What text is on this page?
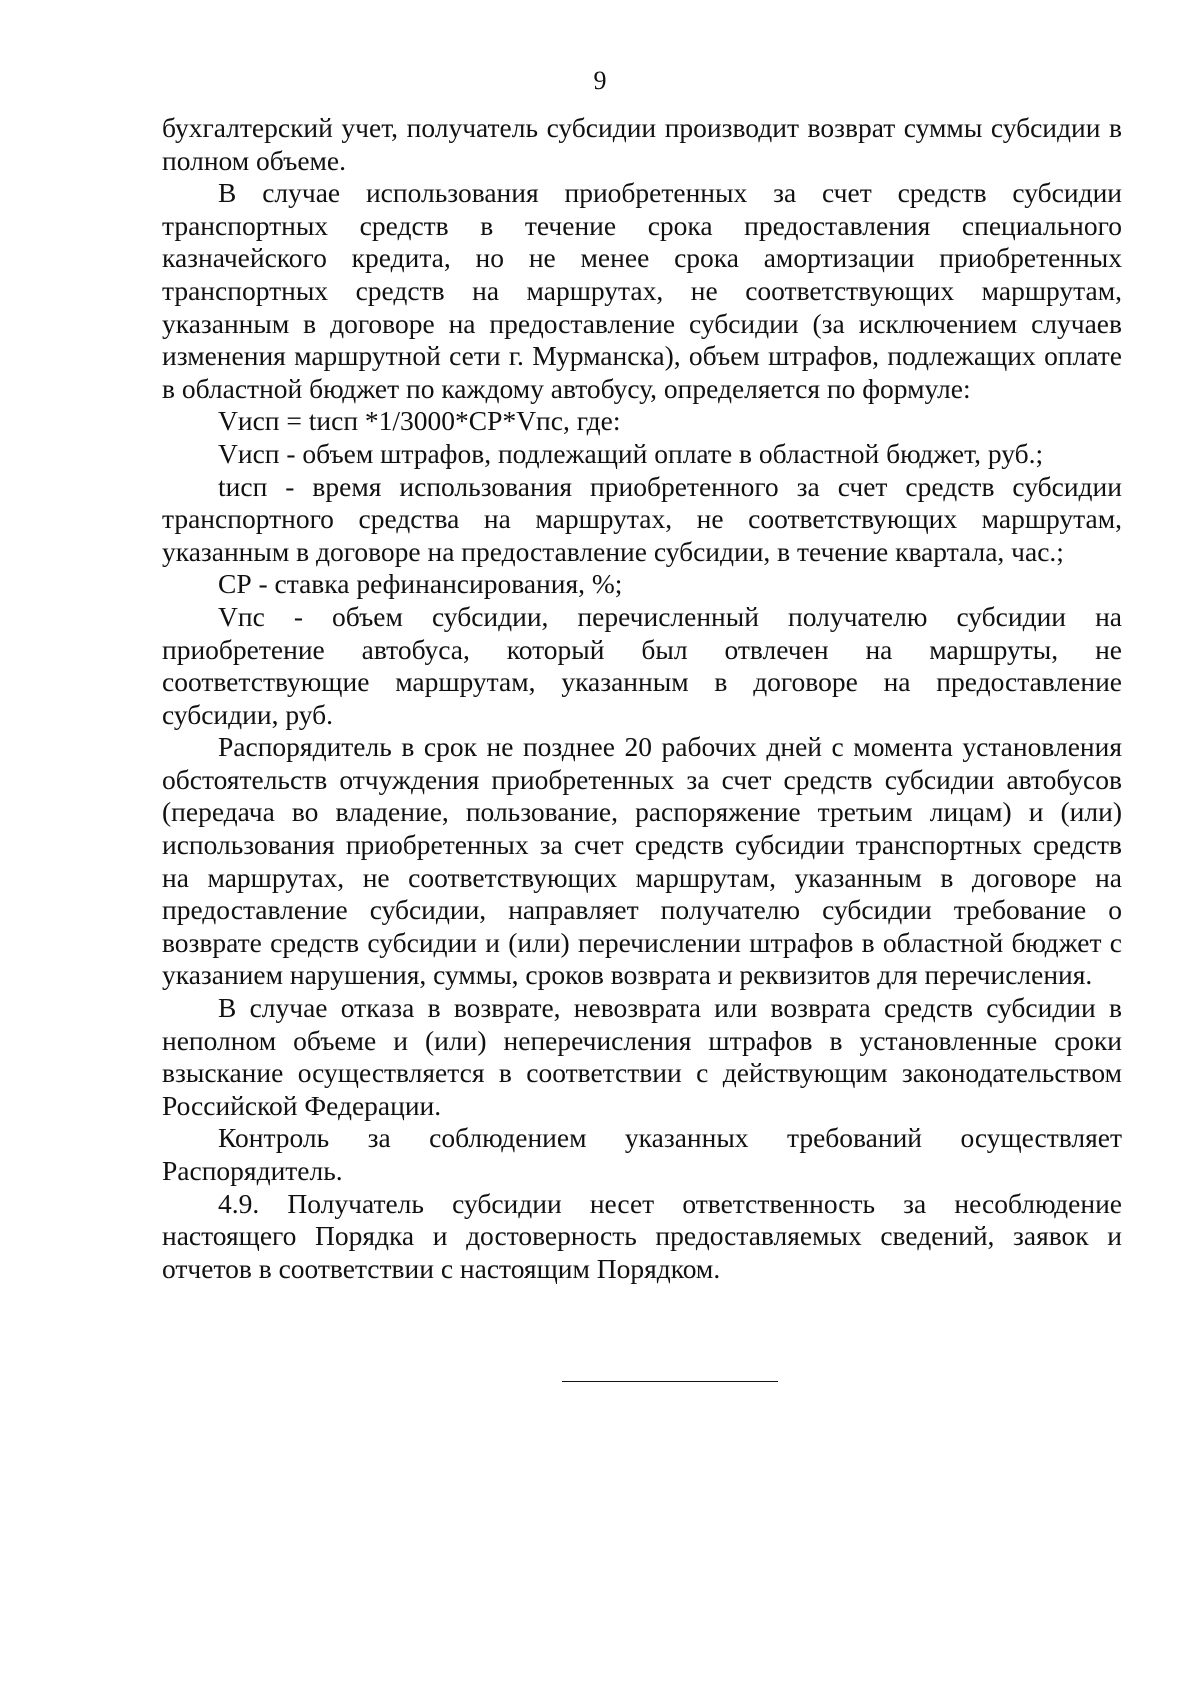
9

бухгалтерский учет, получатель субсидии производит возврат суммы субсидии в полном объеме.

В случае использования приобретенных за счет средств субсидии транспортных средств в течение срока предоставления специального казначейского кредита, но не менее срока амортизации приобретенных транспортных средств на маршрутах, не соответствующих маршрутам, указанным в договоре на предоставление субсидии (за исключением случаев изменения маршрутной сети г. Мурманска), объем штрафов, подлежащих оплате в областной бюджет по каждому автобусу, определяется по формуле:

Vисп = tисп *1/3000*СР*Vпс, где:

Vисп - объем штрафов, подлежащий оплате в областной бюджет, руб.;

tисп - время использования приобретенного за счет средств субсидии транспортного средства на маршрутах, не соответствующих маршрутам, указанным в договоре на предоставление субсидии, в течение квартала, час.;

СР - ставка рефинансирования, %;

Vпс - объем субсидии, перечисленный получателю субсидии на приобретение автобуса, который был отвлечен на маршруты, не соответствующие маршрутам, указанным в договоре на предоставление субсидии, руб.

Распорядитель в срок не позднее 20 рабочих дней с момента установления обстоятельств отчуждения приобретенных за счет средств субсидии автобусов (передача во владение, пользование, распоряжение третьим лицам) и (или) использования приобретенных за счет средств субсидии транспортных средств на маршрутах, не соответствующих маршрутам, указанным в договоре на предоставление субсидии, направляет получателю субсидии требование о возврате средств субсидии и (или) перечислении штрафов в областной бюджет с указанием нарушения, суммы, сроков возврата и реквизитов для перечисления.

В случае отказа в возврате, невозврата или возврата средств субсидии в неполном объеме и (или) неперечисления штрафов в установленные сроки взыскание осуществляется в соответствии с действующим законодательством Российской Федерации.

Контроль за соблюдением указанных требований осуществляет Распорядитель.

4.9. Получатель субсидии несет ответственность за несоблюдение настоящего Порядка и достоверность предоставляемых сведений, заявок и отчетов в соответствии с настоящим Порядком.
